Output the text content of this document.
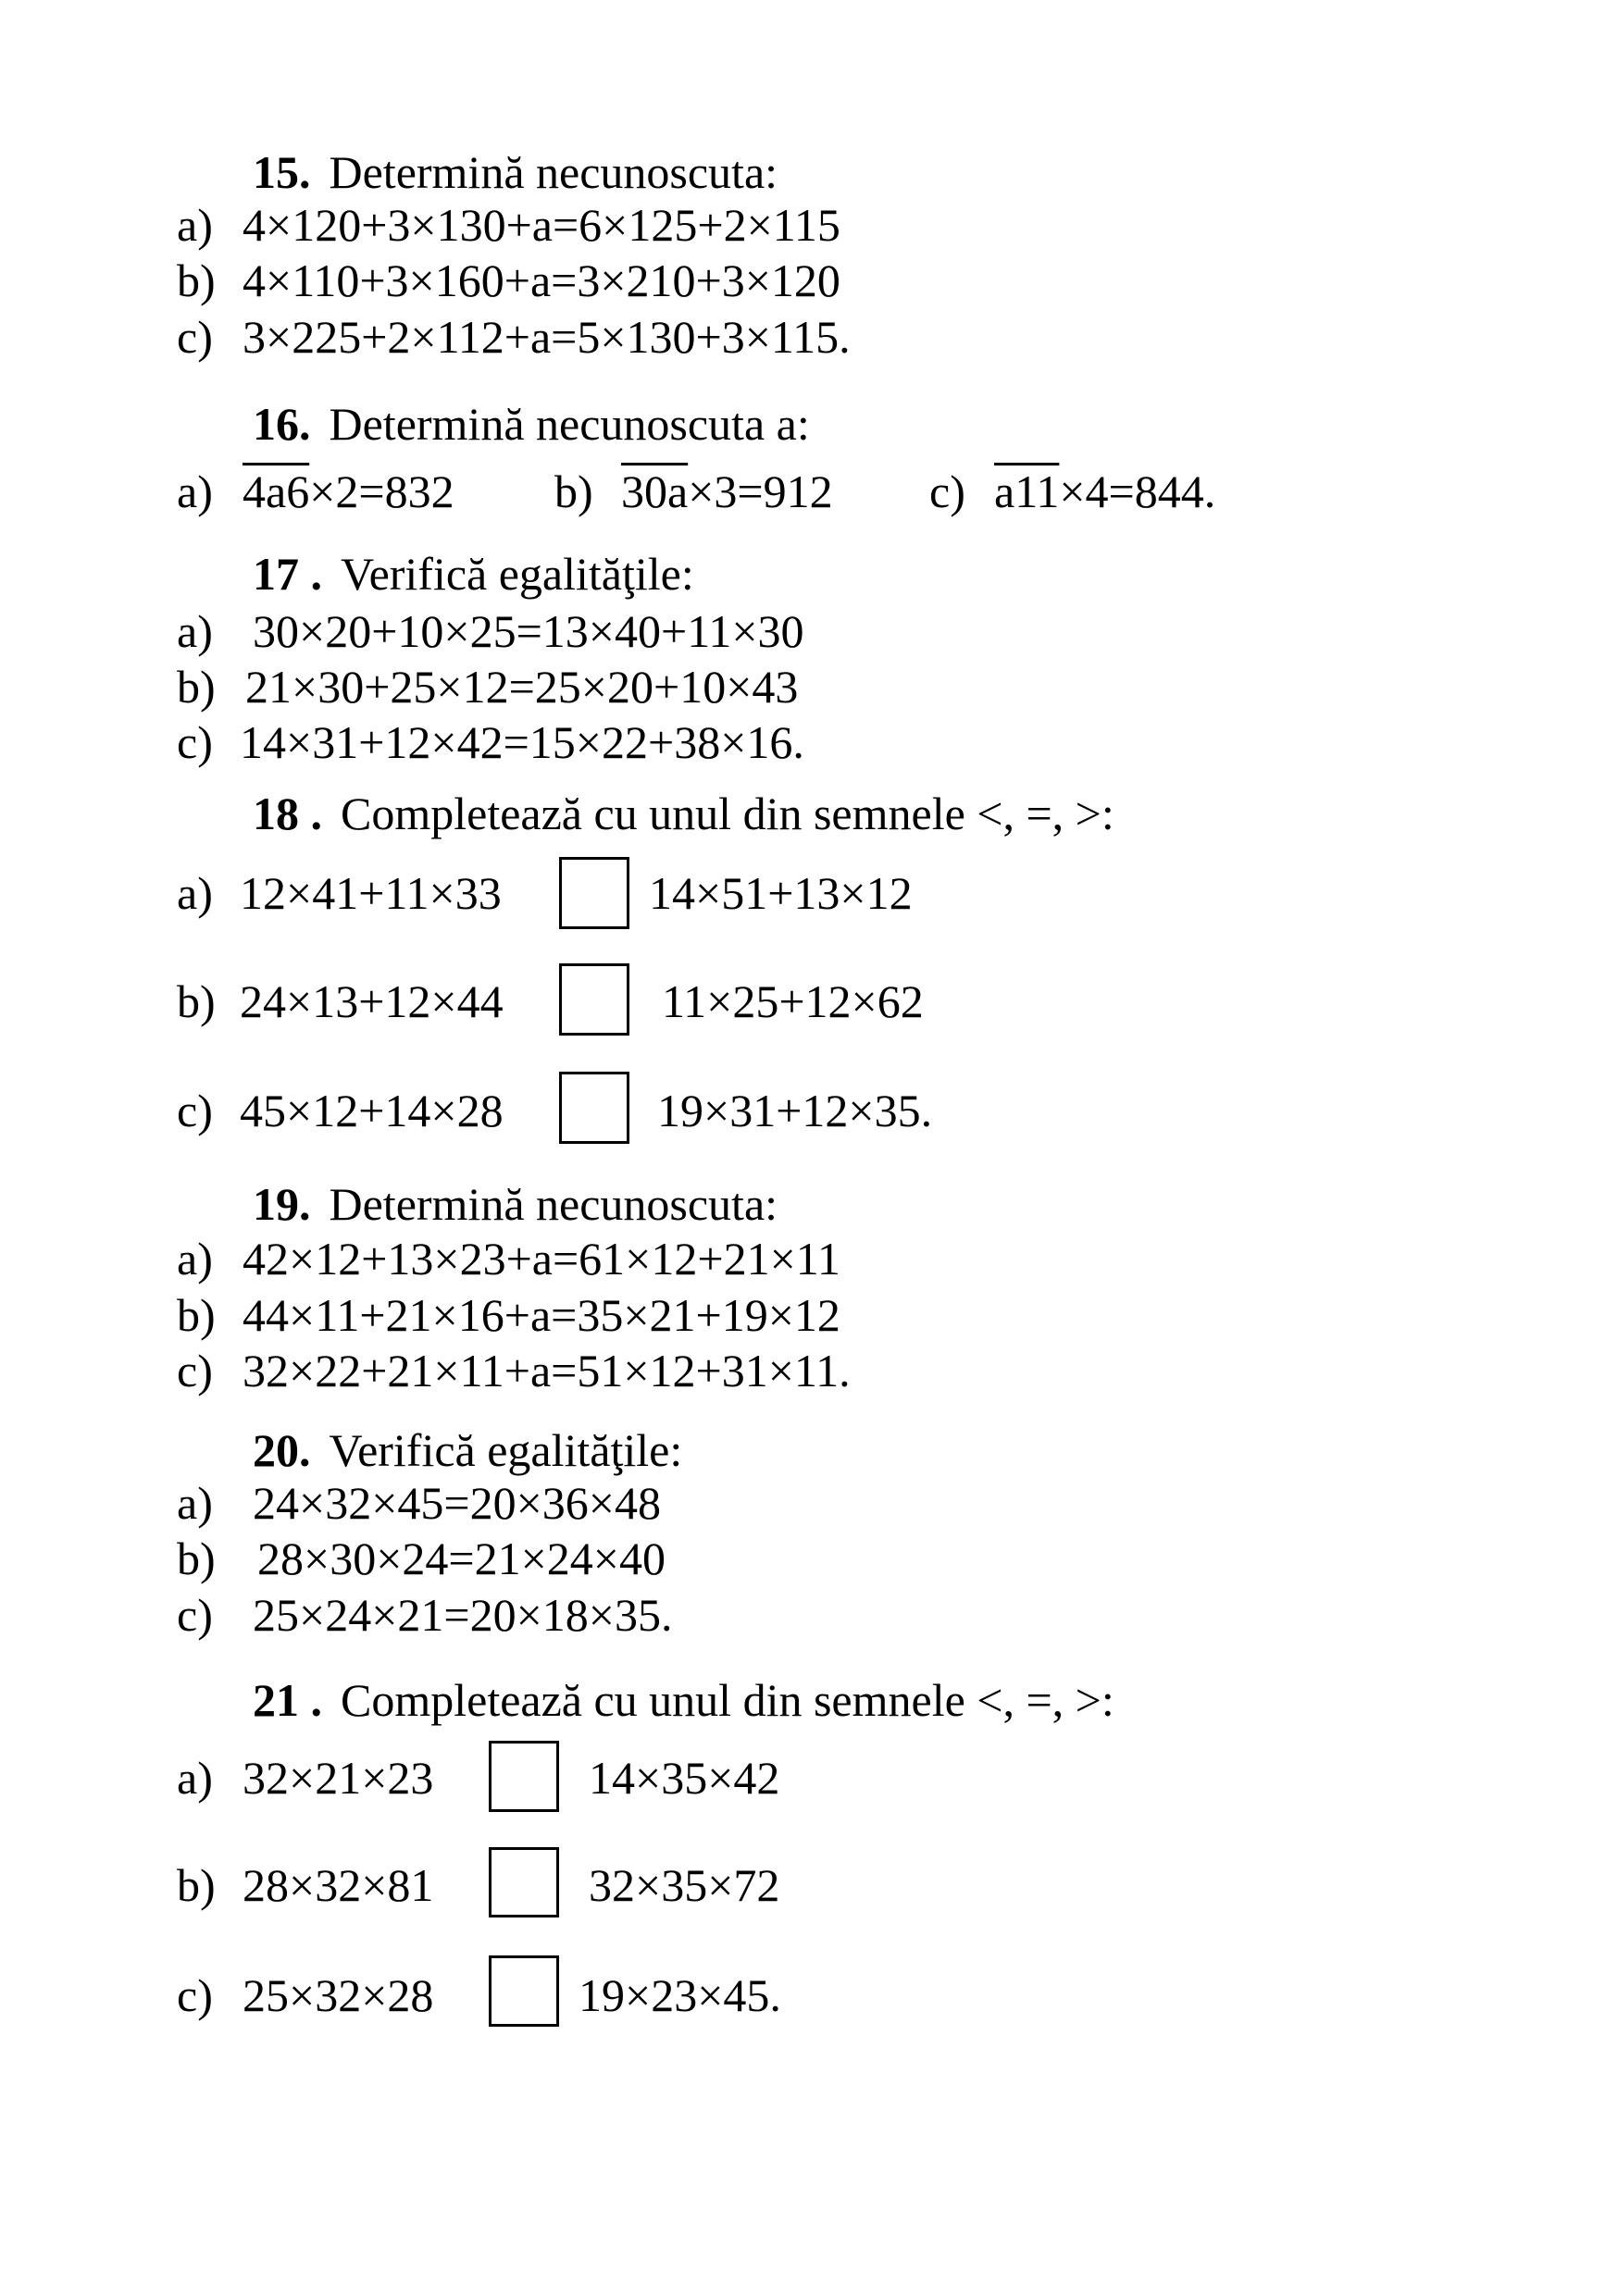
15. Determină necunoscuta:
a) 4×120+3×130+a=6×125+2×115
b) 4×110+3×160+a=3×210+3×120
c) 3×225+2×112+a=5×130+3×115.
16. Determină necunoscuta a:
a) 4a6×2=832 b) 30a×3=912 c) a11×4=844.
17 . Verifică egalităţile:
a) 30×20+10×25=13×40+11×30
b) 21×30+25×12=25×20+10×43
c) 14×31+12×42=15×22+38×16.
18 . Completează cu unul din semnele <, =, >:
a) 12×41+11×33	14×51+13×12
b) 24×13+12×44	11×25+12×62
c) 45×12+14×28	19×31+12×35.
19. Determină necunoscuta:
a) 42×12+13×23+a=61×12+21×11
b) 44×11+21×16+a=35×21+19×12
c) 32×22+21×11+a=51×12+31×11.
20. Verifică egalităţile:
a) 24×32×45=20×36×48
b) 28×30×24=21×24×40
c) 25×24×21=20×18×35.
21 . Completează cu unul din semnele <, =, >:
a) 32×21×23	14×35×42
b) 28×32×81	32×35×72
c) 25×32×28	19×23×45.
